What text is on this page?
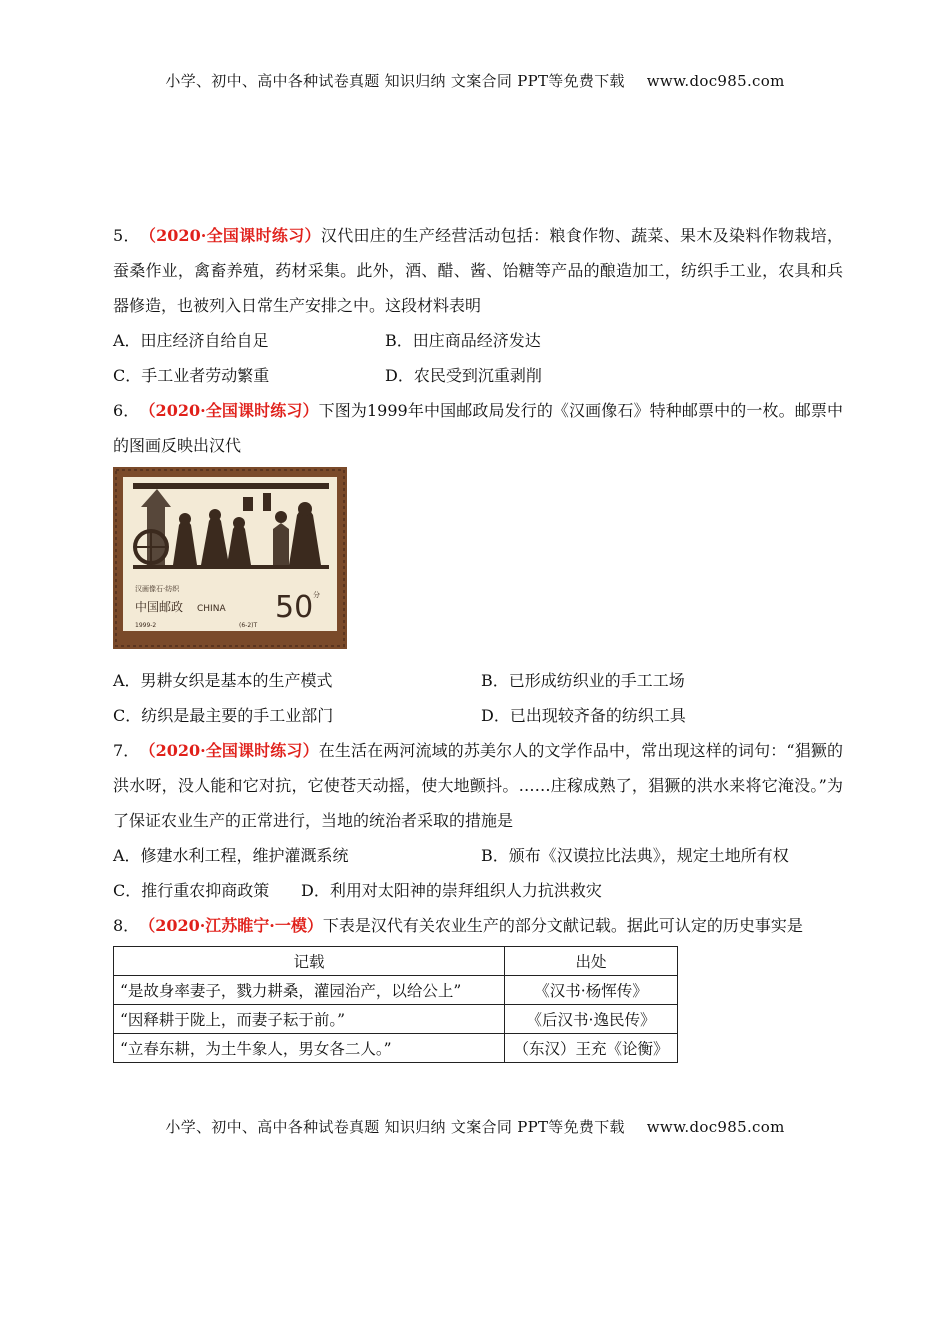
小学、初中、高中各种试卷真题 知识归纳 文案合同 PPT等免费下载 www.doc985.com
5． （2020·全国课时练习）汉代田庄的生产经营活动包括：粮食作物、蔬菜、果木及染料作物栽培，蚕桑作业，禽畜养殖，药材采集。此外，酒、醋、酱、饴糖等产品的酿造加工，纺织手工业，农具和兵器修造，也被列入日常生产安排之中。这段材料表明
A．田庄经济自给自足	B．田庄商品经济发达
C．手工业者劳动繁重	D．农民受到沉重剥削
6． （2020·全国课时练习）下图为1999年中国邮政局发行的《汉画像石》特种邮票中的一枚。邮票中的图画反映出汉代
汉画像石·纺织
中国邮政 CHINA 50 分
1999-2	(6-2)T
A．男耕女织是基本的生产模式	B．已形成纺织业的手工工场
C．纺织是最主要的手工业部门	D．已出现较齐备的纺织工具
7． （2020·全国课时练习）在生活在两河流域的苏美尔人的文学作品中，常出现这样的词句：“猖獗的洪水呀，没人能和它对抗，它使苍天动摇，使大地颤抖。……庄稼成熟了，猖獗的洪水来将它淹没。”为了保证农业生产的正常进行，当地的统治者采取的措施是
A．修建水利工程，维护灌溉系统	B．颁布《汉谟拉比法典》，规定土地所有权
C．推行重农抑商政策 D．利用对太阳神的崇拜组织人力抗洪救灾
8． （2020·江苏睢宁·一模）下表是汉代有关农业生产的部分文献记载。据此可认定的历史事实是
记载	出处
“是故身率妻子，戮力耕桑，灌园治产，以给公上”	《汉书·杨恽传》
“因释耕于陇上，而妻子耘于前。”	《后汉书·逸民传》
“立春东耕，为土牛象人，男女各二人。”	（东汉）王充《论衡》
小学、初中、高中各种试卷真题 知识归纳 文案合同 PPT等免费下载 www.doc985.com
